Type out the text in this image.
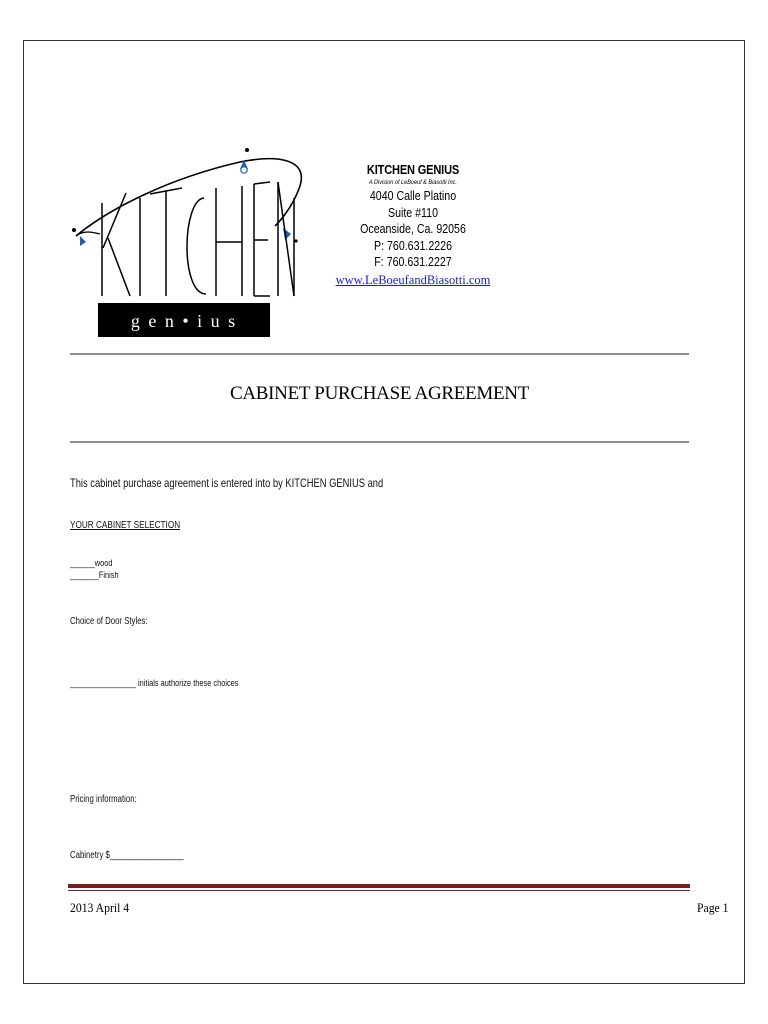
g e n • i u s
KITCHEN GENIUS
A Division of LeBoeuf & Biasotti Inc.
4040 Calle Platino
Suite #110
Oceanside, Ca. 92056
P: 760.631.2226
F: 760.631.2227
www.LeBoeufandBiasotti.com
CABINET PURCHASE AGREEMENT
This cabinet purchase agreement is entered into by KITCHEN GENIUS and
YOUR CABINET SELECTION
______wood
_______Finish
Choice of Door Styles:
________________ initials authorize these choices
Pricing information:
Cabinetry $_________________
2013 April 4	Page 1
